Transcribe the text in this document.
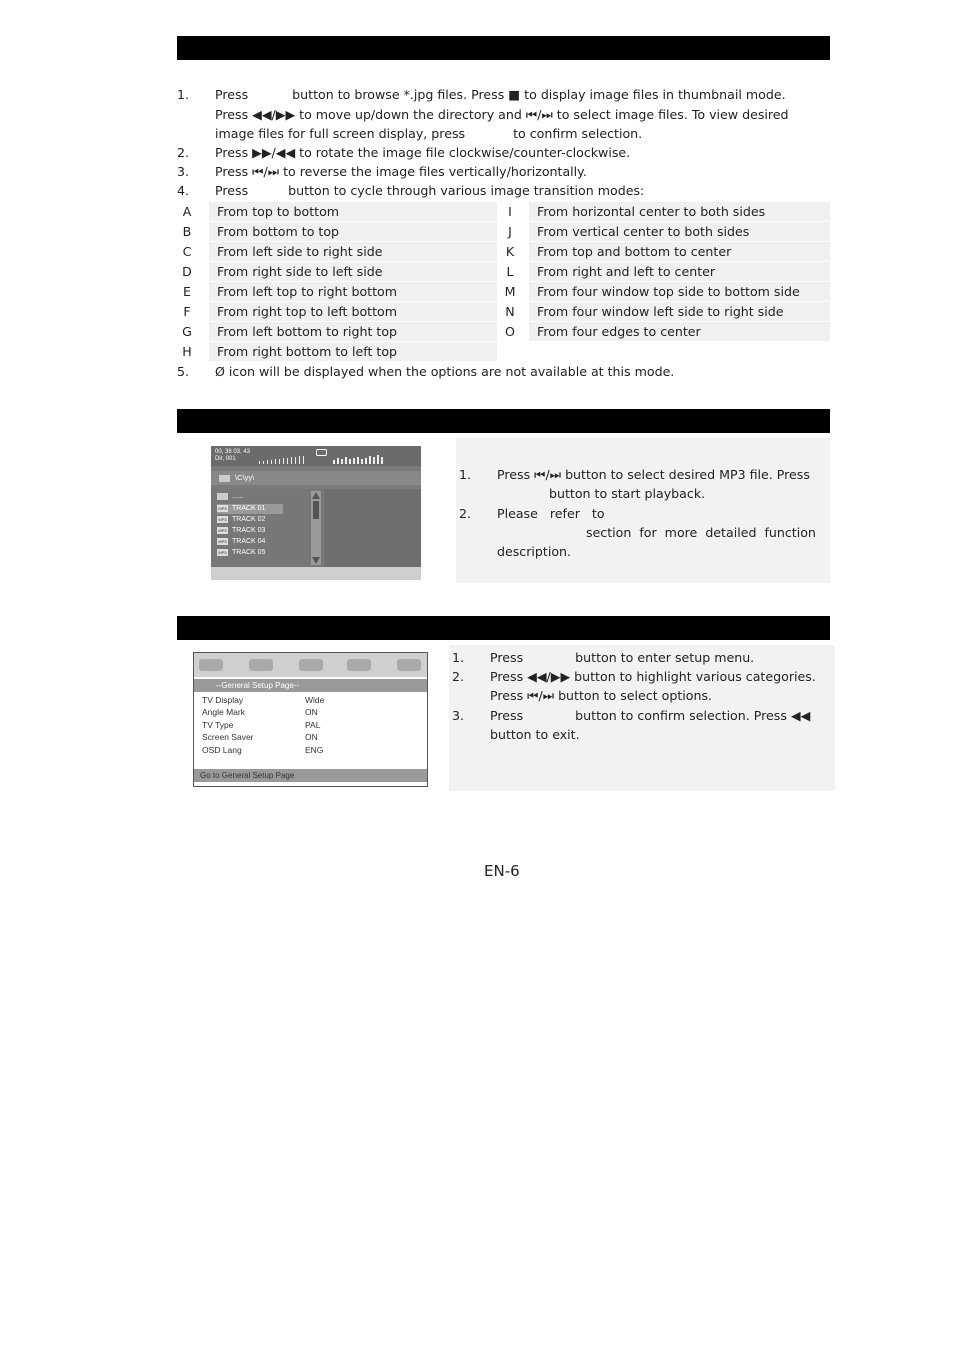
1. Press           button to browse *.jpg files. Press ■ to display image files in thumbnail mode.
Press ◀◀/▶▶ to move up/down the directory and ⏮/⏭ to select image files. To view desired
image files for full screen display, press            to confirm selection.
2. Press ▶▶/◀◀ to rotate the image file clockwise/counter-clockwise.
3. Press ⏮/⏭ to reverse the image files vertically/horizontally.
4. Press          button to cycle through various image transition modes:
A	From top to bottom
B	From bottom to top
C	From left side to right side
D	From right side to left side
E	From left top to right bottom
F	From right top to left bottom
G	From left bottom to right top
H	From right bottom to left top
I	From horizontal center to both sides
J	From vertical center to both sides
K	From top and bottom to center
L	From right and left to center
M	From four window top side to bottom side
N	From four window left side to right side
O	From four edges to center
5. Ø icon will be displayed when the options are not available at this mode.
00, 38 03, 43
Dir, 001
\C\yy\
......
MP3 TRACK 01
MP3 TRACK 02
MP3 TRACK 03
MP3 TRACK 04
MP3 TRACK 05
1. Press ⏮/⏭ button to select desired MP3 file. Press
button to start playback.
2. Please   refer   to
section  for  more  detailed  function
description.
--General Setup Page--
TV Display	Wide
Angle Mark	ON
TV Type	PAL
Screen Saver	ON
OSD Lang	ENG
Go to General Setup Page
1. Press             button to enter setup menu.
2. Press ◀◀/▶▶ button to highlight various categories.
Press ⏮/⏭ button to select options.
3. Press             button to confirm selection. Press ◀◀
button to exit.
EN-6
